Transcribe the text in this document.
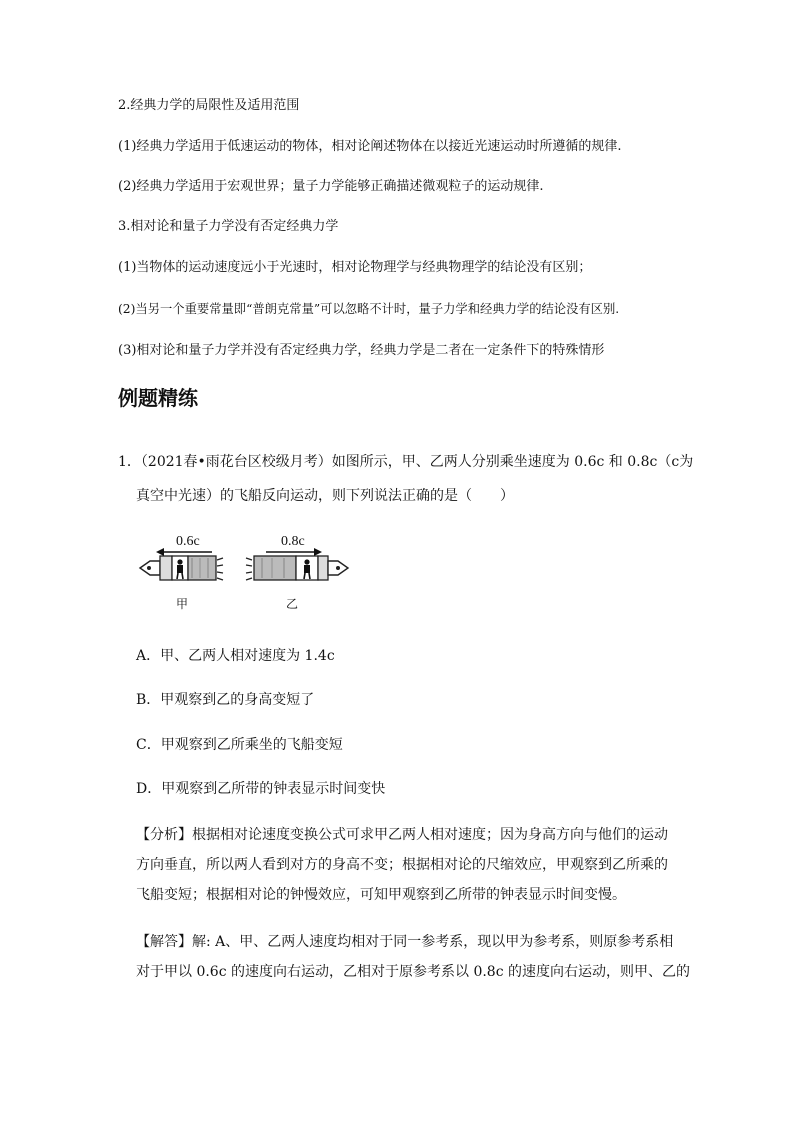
2.经典力学的局限性及适用范围
(1)经典力学适用于低速运动的物体，相对论阐述物体在以接近光速运动时所遵循的规律.
(2)经典力学适用于宏观世界；量子力学能够正确描述微观粒子的运动规律.
3.相对论和量子力学没有否定经典力学
(1)当物体的运动速度远小于光速时，相对论物理学与经典物理学的结论没有区别；
(2)当另一个重要常量即“普朗克常量”可以忽略不计时，量子力学和经典力学的结论没有区别.
(3)相对论和量子力学并没有否定经典力学，经典力学是二者在一定条件下的特殊情形
例题精练
1．（2021春•雨花台区校级月考）如图所示，甲、乙两人分别乘坐速度为 0.6c 和 0.8c（c为
真空中光速）的飞船反向运动，则下列说法正确的是（　　）
0.6c	0.8c
甲	乙
A．甲、乙两人相对速度为 1.4c
B．甲观察到乙的身高变短了
C．甲观察到乙所乘坐的飞船变短
D．甲观察到乙所带的钟表显示时间变快
【分析】根据相对论速度变换公式可求甲乙两人相对速度；因为身高方向与他们的运动
方向垂直，所以两人看到对方的身高不变；根据相对论的尺缩效应，甲观察到乙所乘的
飞船变短；根据相对论的钟慢效应，可知甲观察到乙所带的钟表显示时间变慢。
【解答】解: A、甲、乙两人速度均相对于同一参考系，现以甲为参考系，则原参考系相
对于甲以 0.6c 的速度向右运动，乙相对于原参考系以 0.8c 的速度向右运动，则甲、乙的
